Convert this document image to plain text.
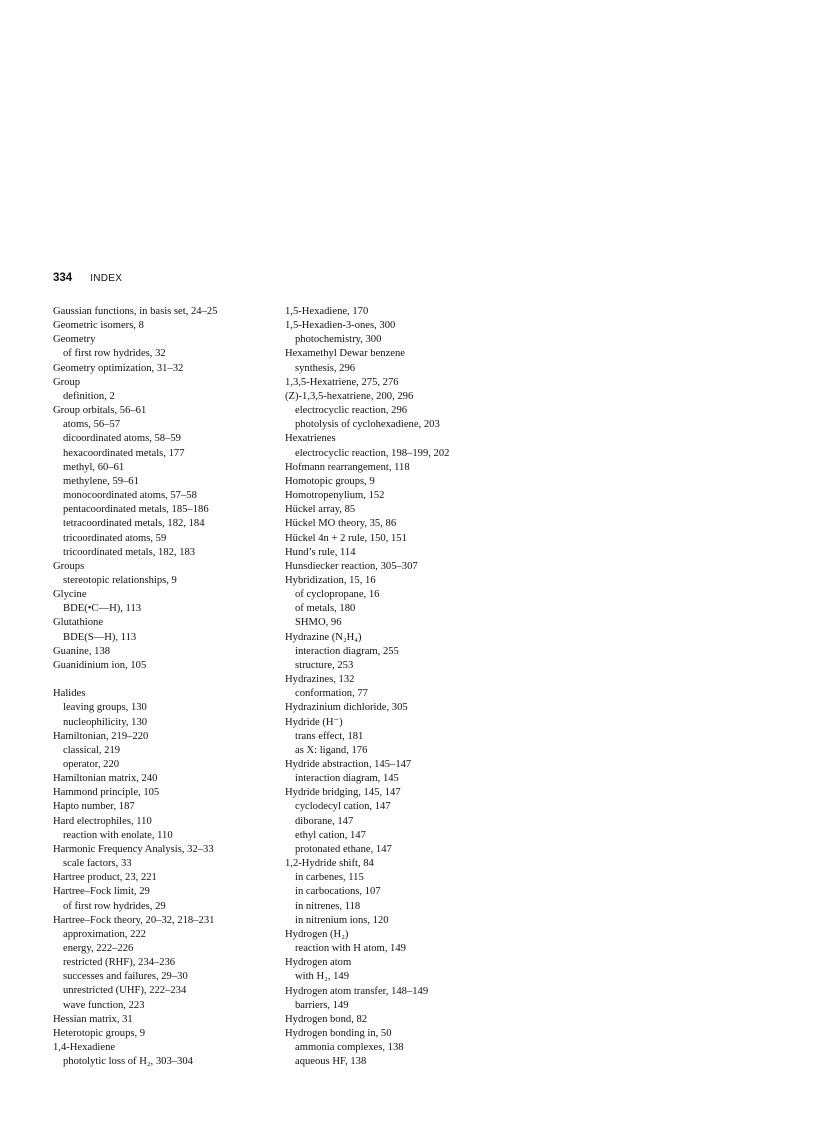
334 INDEX
Gaussian functions, in basis set, 24–25
Geometric isomers, 8
Geometry
of first row hydrides, 32
Geometry optimization, 31–32
Group
definition, 2
Group orbitals, 56–61
atoms, 56–57
dicoordinated atoms, 58–59
hexacoordinated metals, 177
methyl, 60–61
methylene, 59–61
monocoordinated atoms, 57–58
pentacoordinated metals, 185–186
tetracoordinated metals, 182, 184
tricoordinated atoms, 59
tricoordinated metals, 182, 183
Groups
stereotopic relationships, 9
Glycine
BDE(•C—H), 113
Glutathione
BDE(S—H), 113
Guanine, 138
Guanidinium ion, 105
Halides
leaving groups, 130
nucleophilicity, 130
Hamiltonian, 219–220
classical, 219
operator, 220
Hamiltonian matrix, 240
Hammond principle, 105
Hapto number, 187
Hard electrophiles, 110
reaction with enolate, 110
Harmonic Frequency Analysis, 32–33
scale factors, 33
Hartree product, 23, 221
Hartree–Fock limit, 29
of first row hydrides, 29
Hartree–Fock theory, 20–32, 218–231
approximation, 222
energy, 222–226
restricted (RHF), 234–236
successes and failures, 29–30
unrestricted (UHF), 222–234
wave function, 223
Hessian matrix, 31
Heterotopic groups, 9
1,4-Hexadiene
photolytic loss of H₂, 303–304
1,5-Hexadiene, 170
1,5-Hexadien-3-ones, 300
photochemistry, 300
Hexamethyl Dewar benzene
synthesis, 296
1,3,5-Hexatriene, 275, 276
(Z)-1,3,5-hexatriene, 200, 296
electrocyclic reaction, 296
photolysis of cyclohexadiene, 203
Hexatrienes
electrocyclic reaction, 198–199, 202
Hofmann rearrangement, 118
Homotopic groups, 9
Homotropenylium, 152
Hückel array, 85
Hückel MO theory, 35, 86
Hückel 4n + 2 rule, 150, 151
Hund’s rule, 114
Hunsdiecker reaction, 305–307
Hybridization, 15, 16
of cyclopropane, 16
of metals, 180
SHMO, 96
Hydrazine (N₂H₄)
interaction diagram, 255
structure, 253
Hydrazines, 132
conformation, 77
Hydrazinium dichloride, 305
Hydride (H⁻)
trans effect, 181
as X: ligand, 176
Hydride abstraction, 145–147
interaction diagram, 145
Hydride bridging, 145, 147
cyclodecyl cation, 147
diborane, 147
ethyl cation, 147
protonated ethane, 147
1,2-Hydride shift, 84
in carbenes, 115
in carbocations, 107
in nitrenes, 118
in nitrenium ions, 120
Hydrogen (H₂)
reaction with H atom, 149
Hydrogen atom
with H₂, 149
Hydrogen atom transfer, 148–149
barriers, 149
Hydrogen bond, 82
Hydrogen bonding in, 50
ammonia complexes, 138
aqueous HF, 138
